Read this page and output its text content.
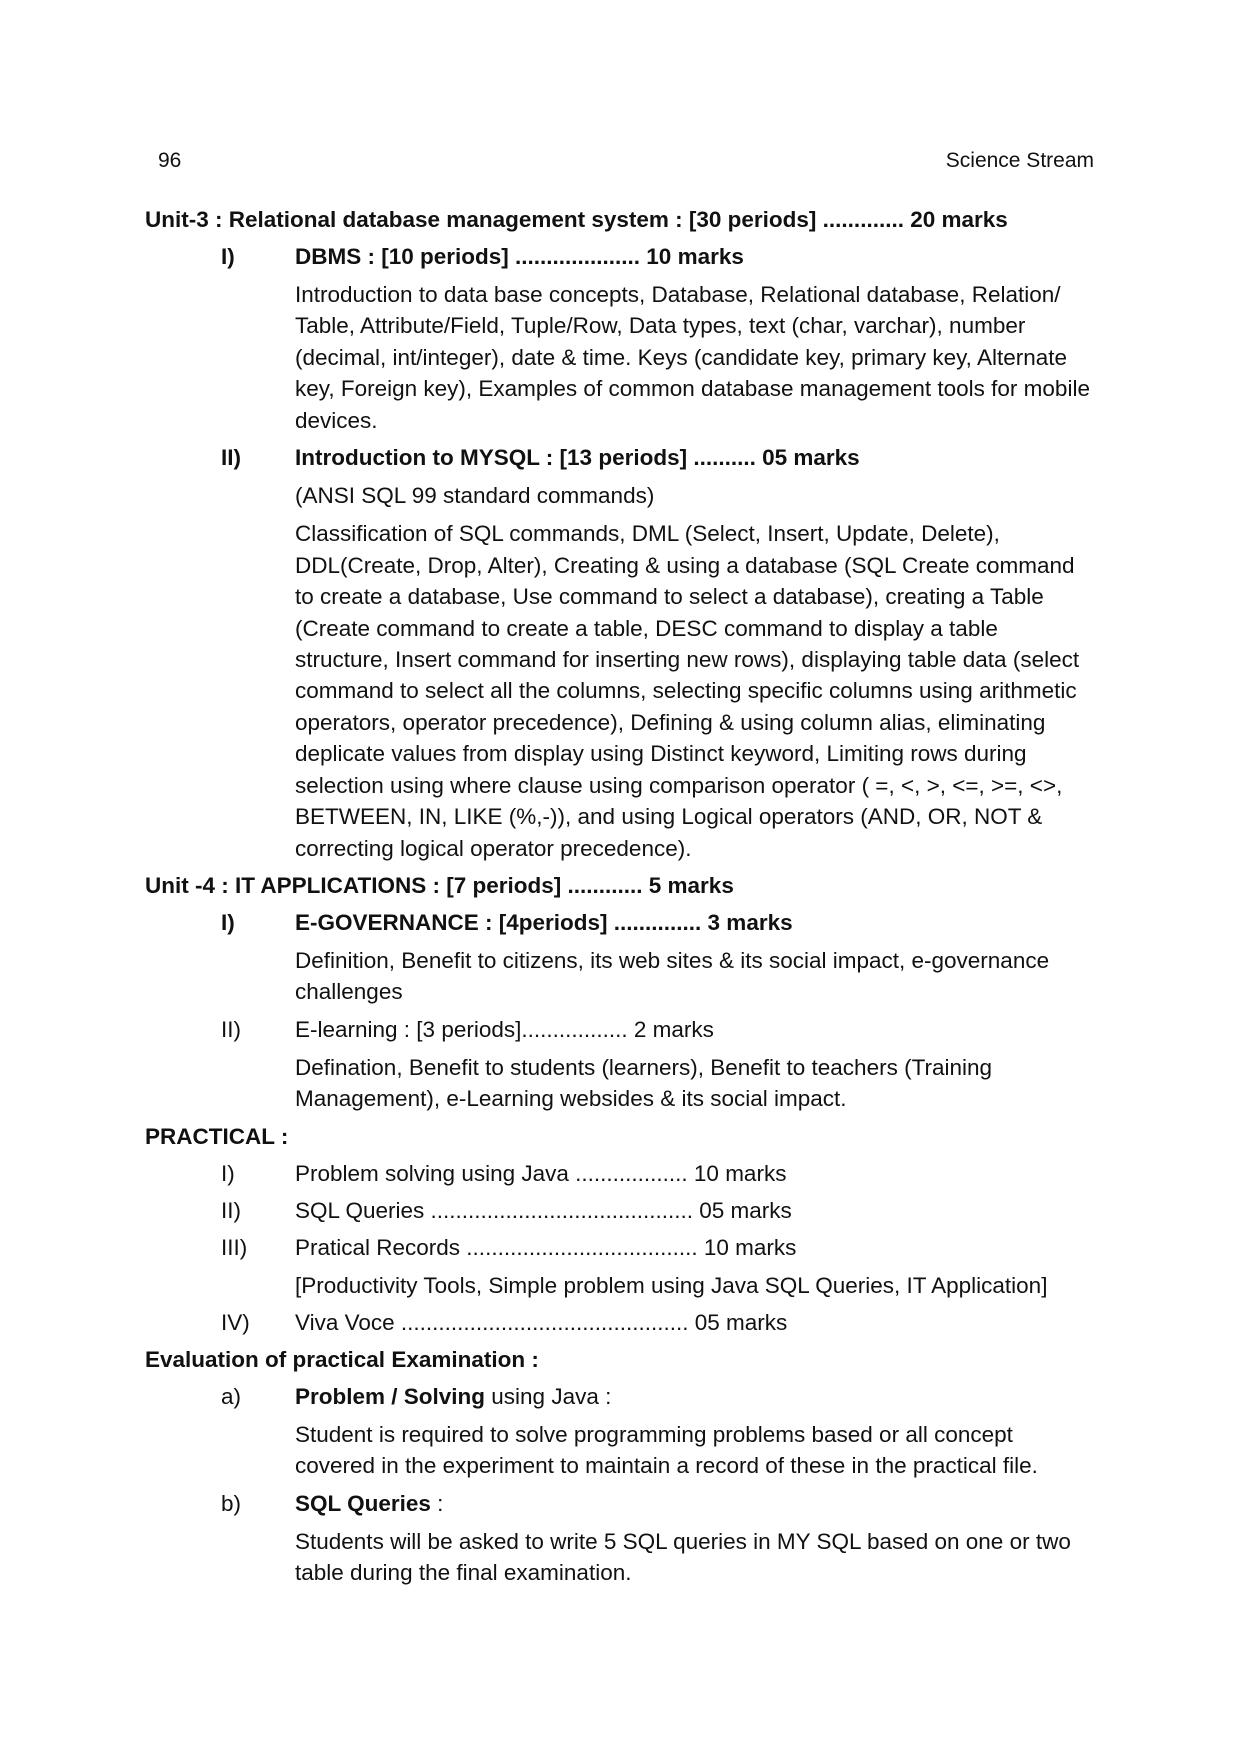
96	Science Stream
Unit-3 : Relational database management system : [30 periods] ............. 20 marks
I)	DBMS : [10 periods] .................... 10 marks
Introduction to data base concepts, Database, Relational database, Relation/ Table, Attribute/Field, Tuple/Row, Data types, text (char, varchar), number (decimal, int/integer), date & time. Keys (candidate key, primary key, Alternate key, Foreign key), Examples of common database management tools for mobile devices.
II)	Introduction to MYSQL : [13 periods] .......... 05 marks
(ANSI SQL 99 standard commands)
Classification of SQL commands, DML (Select, Insert, Update, Delete), DDL(Create, Drop, Alter), Creating & using a database (SQL Create command to create a database, Use command to select a database), creating a Table (Create command to create a table, DESC command to display a table structure, Insert command for inserting new rows), displaying table data (select command to select all the columns, selecting specific columns using arithmetic operators, operator precedence), Defining & using column alias, eliminating deplicate values from display using Distinct keyword, Limiting rows during selection using where clause using comparison operator ( =, <, >, <=, >=, <>, BETWEEN, IN, LIKE (%,-)), and using Logical operators (AND, OR, NOT & correcting logical operator precedence).
Unit -4 : IT APPLICATIONS : [7 periods] ............ 5 marks
I)	E-GOVERNANCE : [4periods] .............. 3 marks
Definition, Benefit to citizens, its web sites & its social impact, e-governance challenges
II)	E-learning : [3 periods]................. 2 marks
Defination, Benefit to students (learners), Benefit to teachers (Training Management), e-Learning websides & its social impact.
PRACTICAL :
I)	Problem solving using Java .................. 10 marks
II)	SQL Queries .......................................... 05 marks
III)	Pratical Records ..................................... 10 marks
[Productivity Tools, Simple problem using Java SQL Queries, IT Application]
IV)	Viva Voce .............................................. 05 marks
Evaluation of practical Examination :
a)	Problem / Solving using Java :
Student is required to solve programming problems based or all concept covered in the experiment to maintain a record of these in the practical file.
b)	SQL Queries :
Students will be asked to write 5 SQL queries in MY SQL based on one or two table during the final examination.
